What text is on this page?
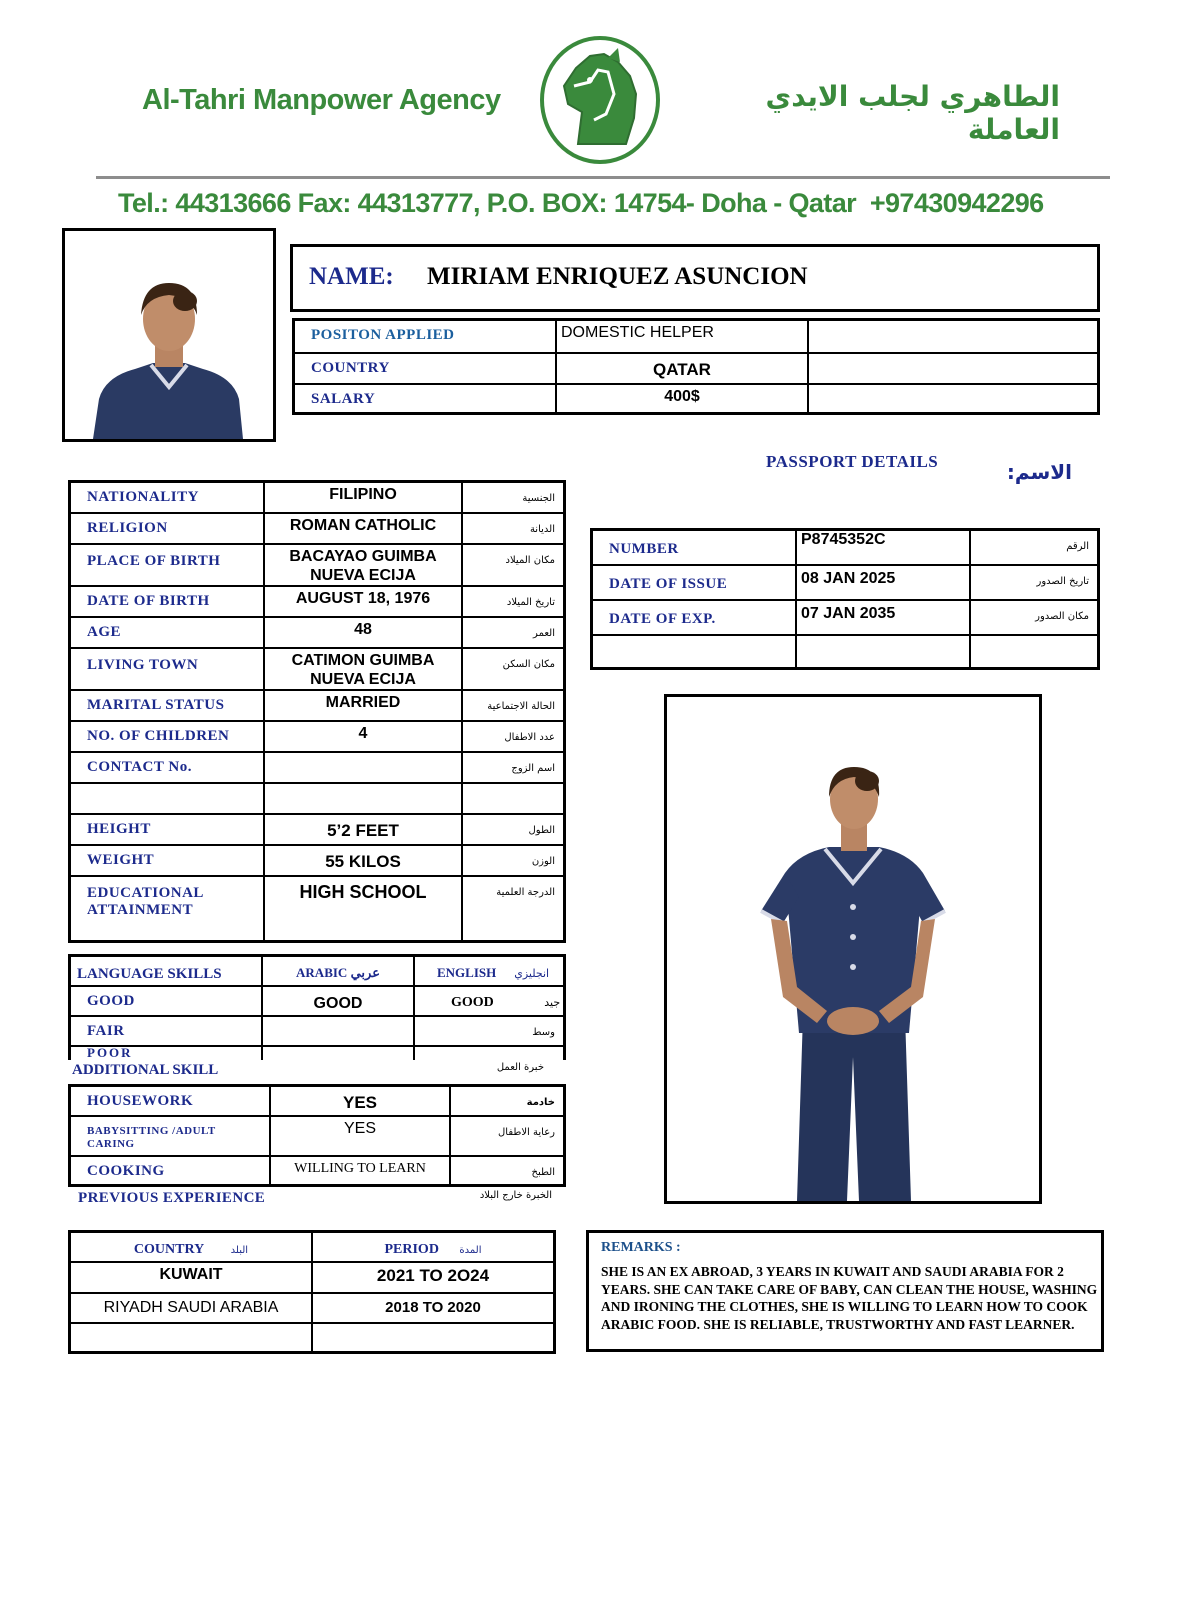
Al-Tahri Manpower Agency	الطاهري لجلب الايدي العاملة
Tel.: 44313666 Fax: 44313777, P.O. BOX: 14754- Doha - Qatar  +97430942296
NAME: MIRIAM ENRIQUEZ ASUNCION
POSITON APPLIED	DOMESTIC HELPER	
COUNTRY	QATAR	
SALARY	400$	
PASSPORT DETAILS	الاسم:
NATIONALITY	FILIPINO	الجنسية
RELIGION	ROMAN CATHOLIC	الديانة
PLACE OF BIRTH	BACAYAO GUIMBA NUEVA ECIJA	مكان الميلاد
DATE OF BIRTH	AUGUST 18, 1976	تاريخ الميلاد
AGE	48	العمر
LIVING TOWN	CATIMON GUIMBA NUEVA ECIJA	مكان السكن
MARITAL STATUS	MARRIED	الحالة الاجتماعية
NO. OF CHILDREN	4	عدد الاطفال
CONTACT No.		اسم الزوج

HEIGHT	5’2 FEET	الطول
WEIGHT	55 KILOS	الوزن
EDUCATIONAL ATTAINMENT	HIGH SCHOOL	الدرجة العلمية
LANGUAGE SKILLS	ARABIC عربي	ENGLISH انجليزي
GOOD	GOOD	GOOD جيد
FAIR		وسط
POOR		
ADDITIONAL SKILL	خبرة العمل
HOUSEWORK	YES	خادمة
BABYSITTING /ADULT CARING	YES	رعاية الاطفال
COOKING	WILLING TO LEARN	الطبخ
PREVIOUS EXPERIENCE	الخبرة خارج البلاد
COUNTRY البلد	PERIOD المدة
KUWAIT	2021 TO 2O24
RIYADH SAUDI ARABIA	2018 TO 2020

NUMBER	P8745352C	الرقم
DATE OF ISSUE	08 JAN 2025	تاريخ الصدور
DATE OF EXP.	07 JAN 2035	مكان الصدور

REMARKS :
SHE IS AN EX ABROAD, 3 YEARS IN KUWAIT AND SAUDI ARABIA FOR 2 YEARS. SHE CAN TAKE CARE OF BABY, CAN CLEAN THE HOUSE, WASHING AND IRONING THE CLOTHES, SHE IS WILLING TO LEARN HOW TO COOK ARABIC FOOD. SHE IS RELIABLE, TRUSTWORTHY AND FAST LEARNER.
